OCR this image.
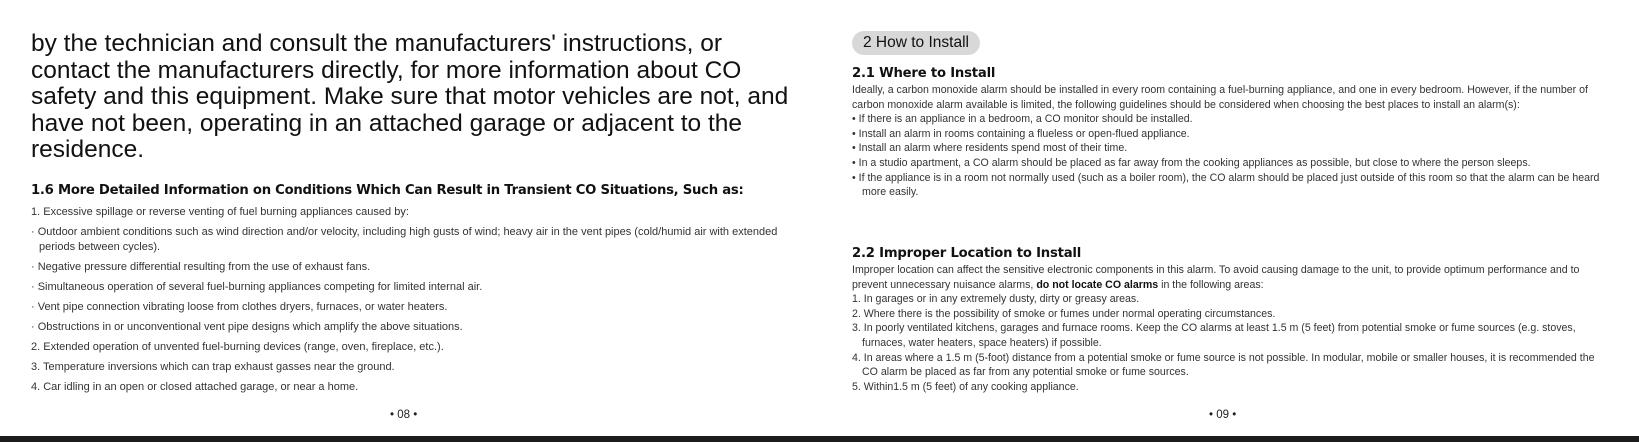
by the technician and consult the manufacturers' instructions, or contact the manufacturers directly, for more information about CO safety and this equipment. Make sure that motor vehicles are not, and have not been, operating in an attached garage or adjacent to the residence.

1.6 More Detailed Information on Conditions Which Can Result in Transient CO Situations, Such as:
1. Excessive spillage or reverse venting of fuel burning appliances caused by:
· Outdoor ambient conditions such as wind direction and/or velocity, including high gusts of wind; heavy air in the vent pipes (cold/humid air with extended periods between cycles).
· Negative pressure differential resulting from the use of exhaust fans.
· Simultaneous operation of several fuel-burning appliances competing for limited internal air.
· Vent pipe connection vibrating loose from clothes dryers, furnaces, or water heaters.
· Obstructions in or unconventional vent pipe designs which amplify the above situations.
2. Extended operation of unvented fuel-burning devices (range, oven, fireplace, etc.).
3. Temperature inversions which can trap exhaust gasses near the ground.
4. Car idling in an open or closed attached garage, or near a home.
• 08 •
2 How to Install
2.1 Where to Install
Ideally, a carbon monoxide alarm should be installed in every room containing a fuel-burning appliance, and one in every bedroom. However, if the number of carbon monoxide alarm available is limited, the following guidelines should be considered when choosing the best places to install an alarm(s):
• If there is an appliance in a bedroom, a CO monitor should be installed.
• Install an alarm in rooms containing a flueless or open-flued appliance.
• Install an alarm where residents spend most of their time.
• In a studio apartment, a CO alarm should be placed as far away from the cooking appliances as possible, but close to where the person sleeps.
• If the appliance is in a room not normally used (such as a boiler room), the CO alarm should be placed just outside of this room so that the alarm can be heard more easily.
2.2 Improper Location to Install
Improper location can affect the sensitive electronic components in this alarm. To avoid causing damage to the unit, to provide optimum performance and to prevent unnecessary nuisance alarms, do not locate CO alarms in the following areas:
1. In garages or in any extremely dusty, dirty or greasy areas.
2. Where there is the possibility of smoke or fumes under normal operating circumstances.
3. In poorly ventilated kitchens, garages and furnace rooms. Keep the CO alarms at least 1.5 m (5 feet) from potential smoke or fume sources (e.g. stoves, furnaces, water heaters, space heaters) if possible.
4. In areas where a 1.5 m (5-foot) distance from a potential smoke or fume source is not possible. In modular, mobile or smaller houses, it is recommended the CO alarm be placed as far from any potential smoke or fume sources.
5. Within1.5 m (5 feet) of any cooking appliance.
• 09 •
